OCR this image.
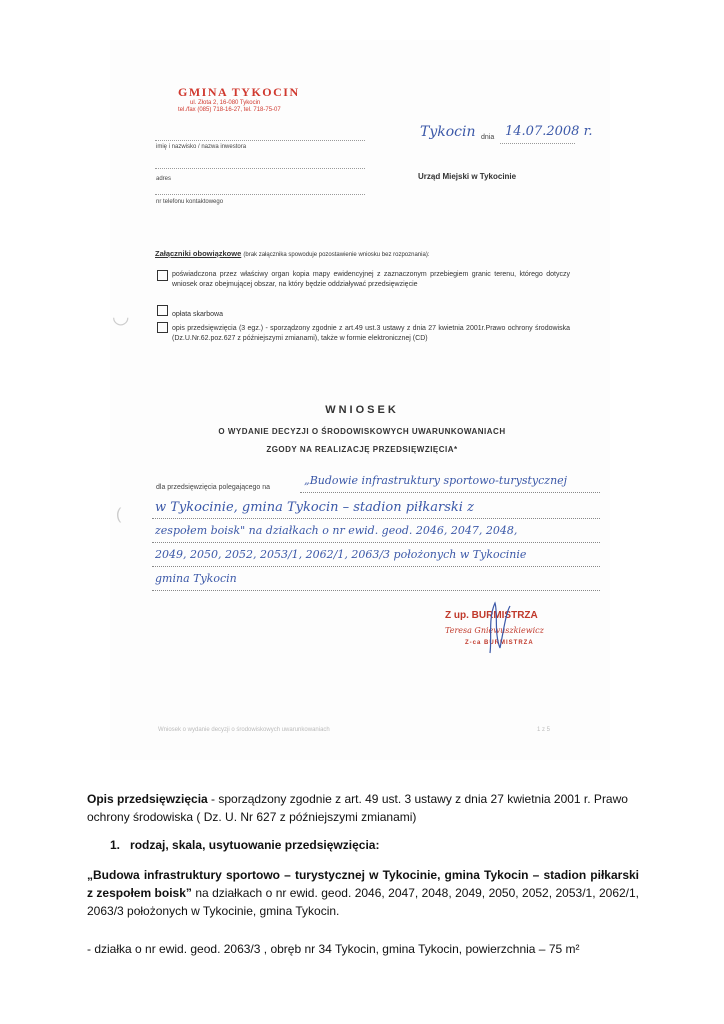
GMINA TYKOCIN
ul. Złota 2, 16-080 Tykocin
tel./fax (085) 718-16-27, tel. 718-75-07
Tykocin dnia 14.07.2008 r.
imię i nazwisko / nazwa inwestora
adres
nr telefonu kontaktowego
Urząd Miejski w Tykocinie
Załączniki obowiązkowe (brak załącznika spowoduje pozostawienie wniosku bez rozpoznania):
poświadczona przez właściwy organ kopia mapy ewidencyjnej z zaznaczonym przebiegiem granic terenu, którego dotyczy wniosek oraz obejmującej obszar, na który będzie oddziaływać przedsięwzięcie
opłata skarbowa
opis przedsięwzięcia (3 egz.) - sporządzony zgodnie z art.49 ust.3 ustawy z dnia 27 kwietnia 2001r.Prawo ochrony środowiska (Dz.U.Nr.62.poz.627 z późniejszymi zmianami), także w formie elektronicznej (CD)
◡
(
WNIOSEK
O WYDANIE DECYZJI O ŚRODOWISKOWYCH UWARUNKOWANIACH
ZGODY NA REALIZACJĘ PRZEDSIĘWZIĘCIA*
dla przedsięwzięcia polegającego na
„Budowie infrastruktury sportowo-turystycznej
w Tykocinie, gmina Tykocin – stadion piłkarski z
zespołem boisk" na działkach o nr ewid. geod. 2046, 2047, 2048,
2049, 2050, 2052, 2053/1, 2062/1, 2063/3 położonych w Tykocinie
gmina Tykocin
Z up. BURMISTRZA
Teresa Gniewuszkiewicz
Z-ca BURMISTRZA
Wniosek o wydanie decyzji o środowiskowych uwarunkowaniach	1 z 5

Opis przedsięwzięcia - sporządzony zgodnie z art. 49 ust. 3 ustawy z dnia 27 kwietnia 2001 r. Prawo ochrony środowiska ( Dz. U. Nr 627 z późniejszymi zmianami)

1. rodzaj, skala, usytuowanie przedsięwzięcia:

„Budowa infrastruktury sportowo – turystycznej w Tykocinie, gmina Tykocin – stadion piłkarski z zespołem boisk” na działkach o nr ewid. geod. 2046, 2047, 2048, 2049, 2050, 2052, 2053/1, 2062/1, 2063/3 położonych w Tykocinie, gmina Tykocin.

- działka o nr ewid. geod. 2063/3 , obręb nr 34 Tykocin, gmina Tykocin, powierzchnia – 75 m²
